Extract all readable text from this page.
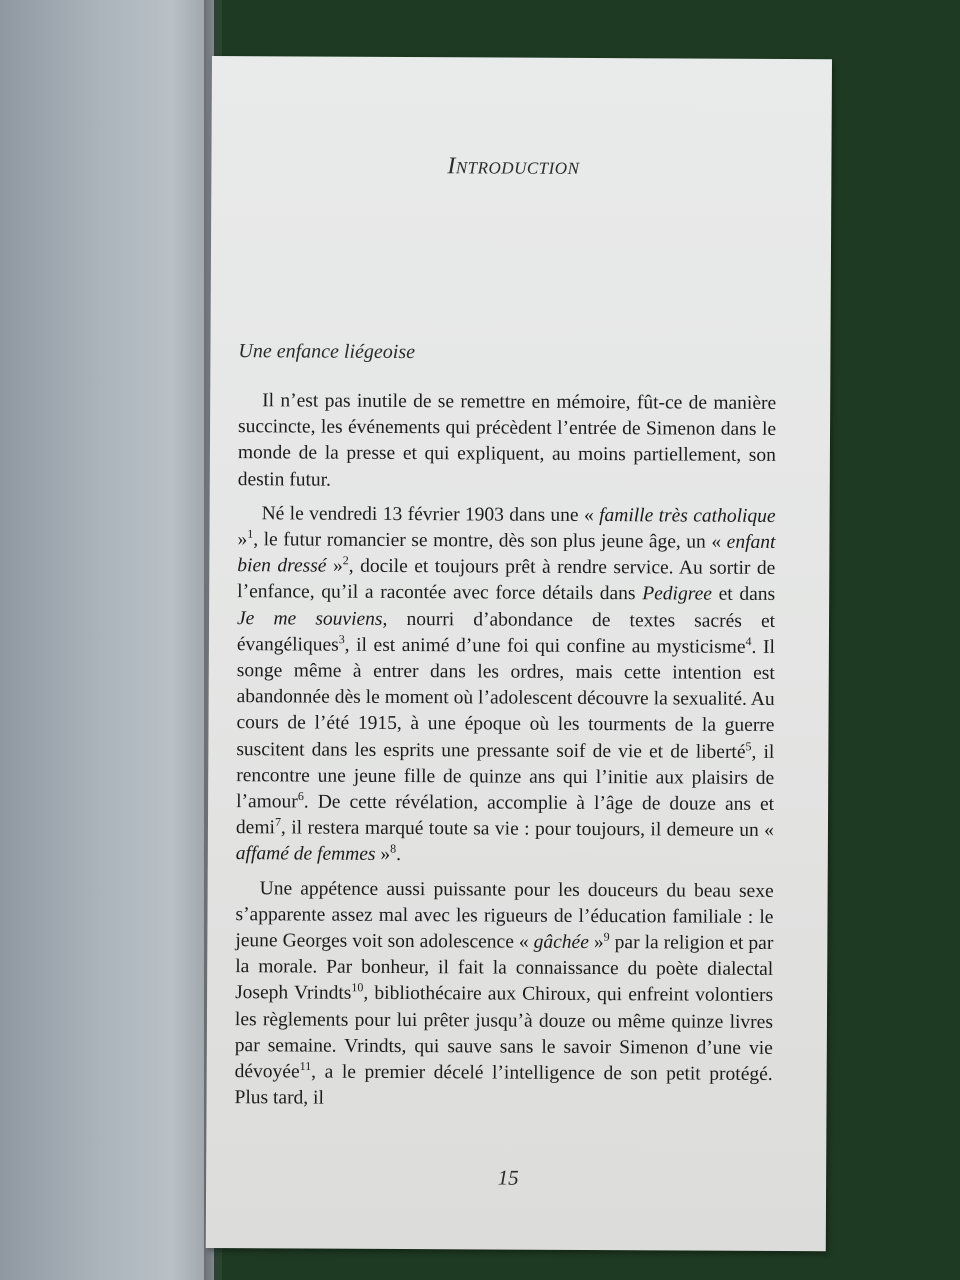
Introduction
Une enfance liégeoise

Il n’est pas inutile de se remettre en mémoire, fût-ce de manière succincte, les événements qui précèdent l’entrée de Simenon dans le monde de la presse et qui expliquent, au moins partiellement, son destin futur.

Né le vendredi 13 février 1903 dans une « famille très catholique »$^1$, le futur romancier se montre, dès son plus jeune âge, un « enfant bien dressé »$^2$, docile et toujours prêt à rendre service. Au sortir de l’enfance, qu’il a racontée avec force détails dans Pedigree et dans Je me souviens, nourri d’abondance de textes sacrés et évangéliques$^3$, il est animé d’une foi qui confine au mysticisme$^4$. Il songe même à entrer dans les ordres, mais cette intention est abandonnée dès le moment où l’adolescent découvre la sexualité. Au cours de l’été 1915, à une époque où les tourments de la guerre suscitent dans les esprits une pressante soif de vie et de liberté$^5$, il rencontre une jeune fille de quinze ans qui l’initie aux plaisirs de l’amour$^6$. De cette révélation, accomplie à l’âge de douze ans et demi$^7$, il restera marqué toute sa vie : pour toujours, il demeure un « affamé de femmes »$^8$.

Une appétence aussi puissante pour les douceurs du beau sexe s’apparente assez mal avec les rigueurs de l’éducation familiale : le jeune Georges voit son adolescence « gâchée »$^9$ par la religion et par la morale. Par bonheur, il fait la connaissance du poète dialectal Joseph Vrindts$^{10}$, bibliothécaire aux Chiroux, qui enfreint volontiers les règlements pour lui prêter jusqu’à douze ou même quinze livres par semaine. Vrindts, qui sauve sans le savoir Simenon d’une vie dévoyée$^{11}$, a le premier décelé l’intelligence de son petit protégé. Plus tard, il

15
